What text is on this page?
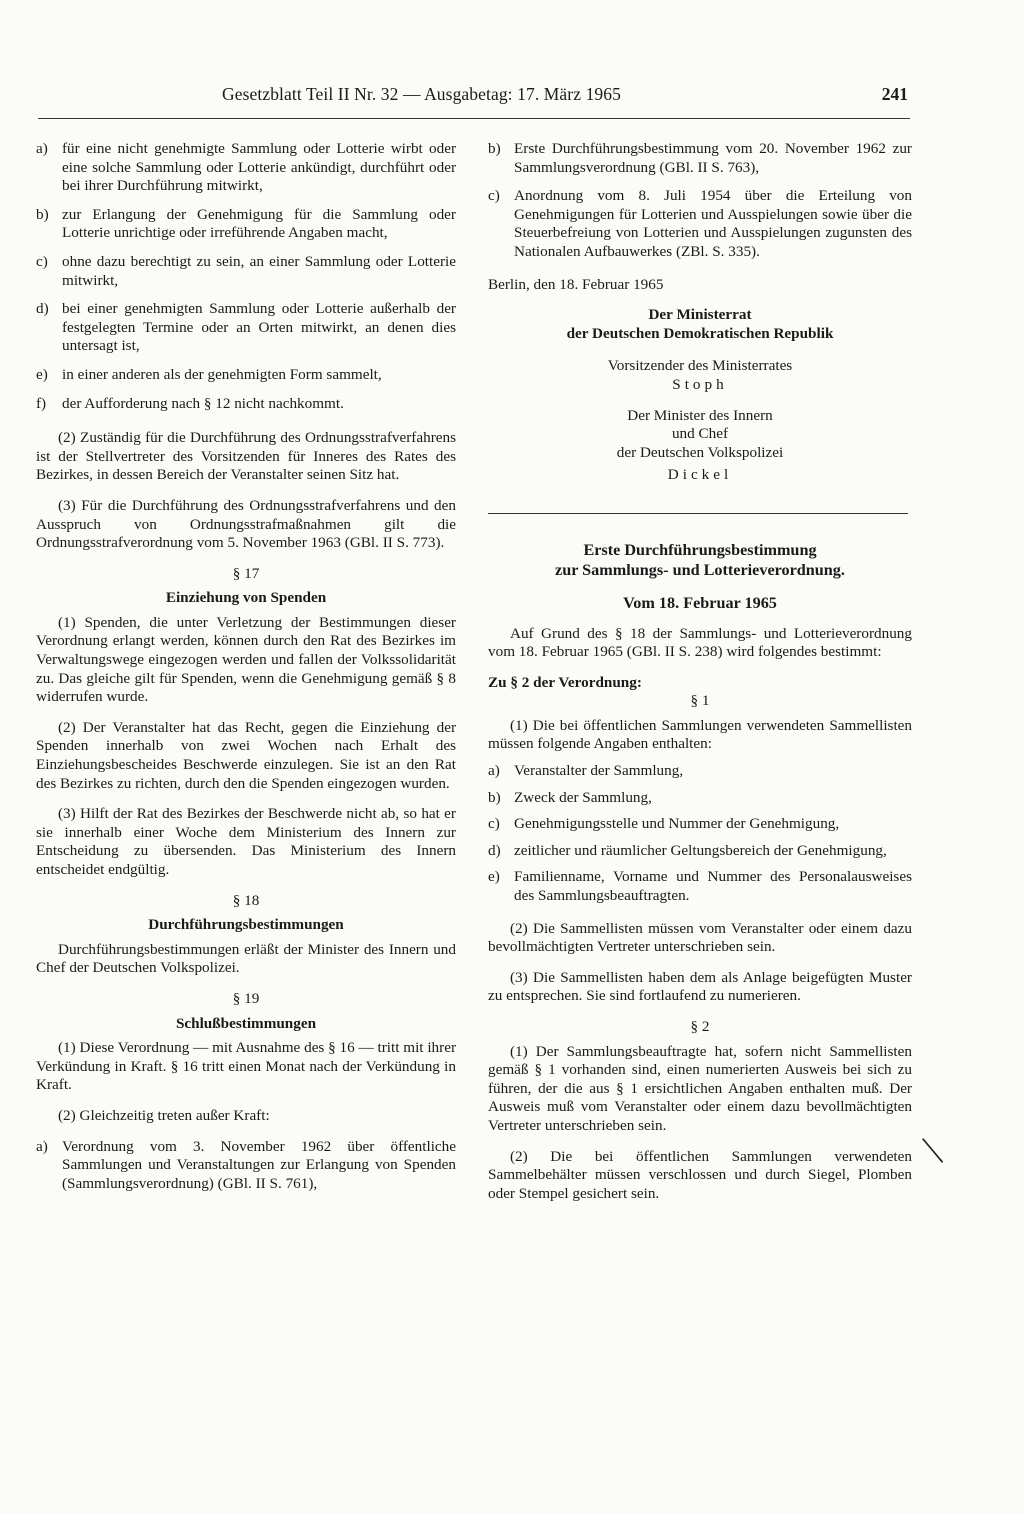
Gesetzblatt Teil II Nr. 32 — Ausgabetag: 17. März 1965	241
a) für eine nicht genehmigte Sammlung oder Lotterie wirbt oder eine solche Sammlung oder Lotterie ankündigt, durchführt oder bei ihrer Durchführung mitwirkt,
b) zur Erlangung der Genehmigung für die Sammlung oder Lotterie unrichtige oder irreführende Angaben macht,
c) ohne dazu berechtigt zu sein, an einer Sammlung oder Lotterie mitwirkt,
d) bei einer genehmigten Sammlung oder Lotterie außerhalb der festgelegten Termine oder an Orten mitwirkt, an denen dies untersagt ist,
e) in einer anderen als der genehmigten Form sammelt,
f) der Aufforderung nach § 12 nicht nachkommt.

(2) Zuständig für die Durchführung des Ordnungsstrafverfahrens ist der Stellvertreter des Vorsitzenden für Inneres des Rates des Bezirkes, in dessen Bereich der Veranstalter seinen Sitz hat.

(3) Für die Durchführung des Ordnungsstrafverfahrens und den Ausspruch von Ordnungsstrafmaßnahmen gilt die Ordnungsstrafverordnung vom 5. November 1963 (GBl. II S. 773).

§ 17
Einziehung von Spenden

(1) Spenden, die unter Verletzung der Bestimmungen dieser Verordnung erlangt werden, können durch den Rat des Bezirkes im Verwaltungswege eingezogen werden und fallen der Volkssolidarität zu. Das gleiche gilt für Spenden, wenn die Genehmigung gemäß § 8 widerrufen wurde.

(2) Der Veranstalter hat das Recht, gegen die Einziehung der Spenden innerhalb von zwei Wochen nach Erhalt des Einziehungsbescheides Beschwerde einzulegen. Sie ist an den Rat des Bezirkes zu richten, durch den die Spenden eingezogen wurden.

(3) Hilft der Rat des Bezirkes der Beschwerde nicht ab, so hat er sie innerhalb einer Woche dem Ministerium des Innern zur Entscheidung zu übersenden. Das Ministerium des Innern entscheidet endgültig.

§ 18
Durchführungsbestimmungen

Durchführungsbestimmungen erläßt der Minister des Innern und Chef der Deutschen Volkspolizei.

§ 19
Schlußbestimmungen

(1) Diese Verordnung — mit Ausnahme des § 16 — tritt mit ihrer Verkündung in Kraft. § 16 tritt einen Monat nach der Verkündung in Kraft.

(2) Gleichzeitig treten außer Kraft:

a) Verordnung vom 3. November 1962 über öffentliche Sammlungen und Veranstaltungen zur Erlangung von Spenden (Sammlungsverordnung) (GBl. II S. 761),
b) Erste Durchführungsbestimmung vom 20. November 1962 zur Sammlungsverordnung (GBl. II S. 763),
c) Anordnung vom 8. Juli 1954 über die Erteilung von Genehmigungen für Lotterien und Ausspielungen sowie über die Steuerbefreiung von Lotterien und Ausspielungen zugunsten des Nationalen Aufbauwerkes (ZBl. S. 335).

Berlin, den 18. Februar 1965

Der Ministerrat
der Deutschen Demokratischen Republik
Vorsitzender des Ministerrates
Stoph
Der Minister des Innern
und Chef
der Deutschen Volkspolizei
Dickel
Erste Durchführungsbestimmung
zur Sammlungs- und Lotterieverordnung.
Vom 18. Februar 1965

Auf Grund des § 18 der Sammlungs- und Lotterieverordnung vom 18. Februar 1965 (GBl. II S. 238) wird folgendes bestimmt:

Zu § 2 der Verordnung:
§ 1

(1) Die bei öffentlichen Sammlungen verwendeten Sammellisten müssen folgende Angaben enthalten:

a) Veranstalter der Sammlung,
b) Zweck der Sammlung,
c) Genehmigungsstelle und Nummer der Genehmigung,
d) zeitlicher und räumlicher Geltungsbereich der Genehmigung,
e) Familienname, Vorname und Nummer des Personalausweises des Sammlungsbeauftragten.

(2) Die Sammellisten müssen vom Veranstalter oder einem dazu bevollmächtigten Vertreter unterschrieben sein.

(3) Die Sammellisten haben dem als Anlage beigefügten Muster zu entsprechen. Sie sind fortlaufend zu numerieren.

§ 2

(1) Der Sammlungsbeauftragte hat, sofern nicht Sammellisten gemäß § 1 vorhanden sind, einen numerierten Ausweis bei sich zu führen, der die aus § 1 ersichtlichen Angaben enthalten muß. Der Ausweis muß vom Veranstalter oder einem dazu bevollmächtigten Vertreter unterschrieben sein.

(2) Die bei öffentlichen Sammlungen verwendeten Sammelbehälter müssen verschlossen und durch Siegel, Plomben oder Stempel gesichert sein.

|
